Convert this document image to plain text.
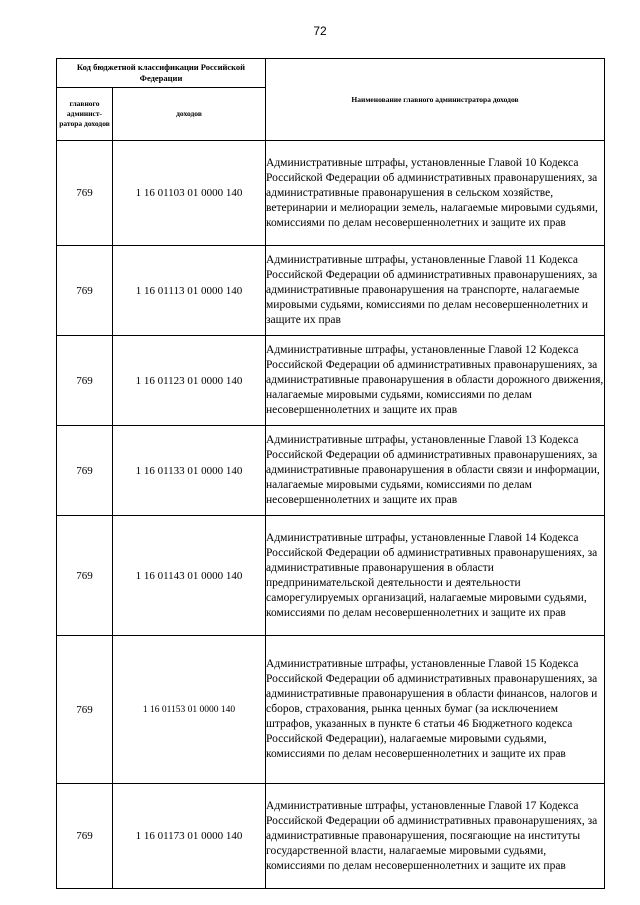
72
Код бюджетной классификации Российской Федерации		Наименование главного администратора доходов
главного админист-ратора доходов	доходов	
769	1 16 01103 01 0000 140	Административные штрафы, установленные Главой 10 Кодекса Российской Федерации об административных правонарушениях, за административные правонарушения в сельском хозяйстве, ветеринарии и мелиорации земель, налагаемые мировыми судьями, комиссиями по делам несовершеннолетних и защите их прав
769	1 16 01113 01 0000 140	Административные штрафы, установленные Главой 11 Кодекса Российской Федерации об административных правонарушениях, за административные правонарушения на транспорте, налагаемые мировыми судьями, комиссиями по делам несовершеннолетних и защите их прав
769	1 16 01123 01 0000 140	Административные штрафы, установленные Главой 12 Кодекса Российской Федерации об административных правонарушениях, за административные правонарушения в области дорожного движения, налагаемые мировыми судьями, комиссиями по делам несовершеннолетних и защите их прав
769	1 16 01133 01 0000 140	Административные штрафы, установленные Главой 13 Кодекса Российской Федерации об административных правонарушениях, за административные правонарушения в области связи и информации, налагаемые мировыми судьями, комиссиями по делам несовершеннолетних и защите их прав
769	1 16 01143 01 0000 140	Административные штрафы, установленные Главой 14 Кодекса Российской Федерации об административных правонарушениях, за административные правонарушения в области предпринимательской деятельности и деятельности саморегулируемых организаций, налагаемые мировыми судьями, комиссиями по делам несовершеннолетних и защите их прав
769	1 16 01153 01 0000 140	Административные штрафы, установленные Главой 15 Кодекса Российской Федерации об административных правонарушениях, за административные правонарушения в области финансов, налогов и сборов, страхования, рынка ценных бумаг (за исключением штрафов, указанных в пункте 6 статьи 46 Бюджетного кодекса Российской Федерации), налагаемые мировыми судьями, комиссиями по делам несовершеннолетних и защите их прав
769	1 16 01173 01 0000 140	Административные штрафы, установленные Главой 17 Кодекса Российской Федерации об административных правонарушениях, за административные правонарушения, посягающие на институты государственной власти, налагаемые мировыми судьями, комиссиями по делам несовершеннолетних и защите их прав
